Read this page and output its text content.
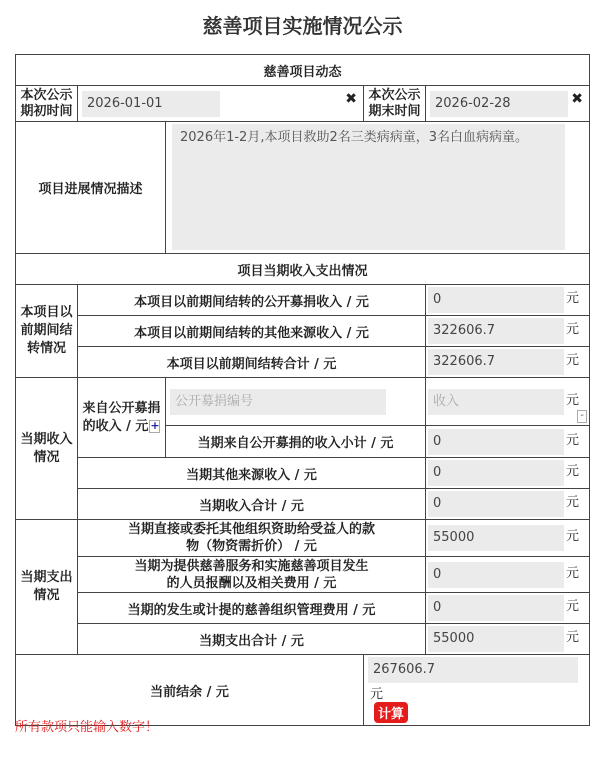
慈善项目实施情况公示
慈善项目动态				
本次公示期初时间	2026-01-01 ✖		本次公示期末时间	2026-02-28 ✖

项目进展情况描述		2026年1-2月,本项目救助2名三类病病童，3名白血病病童。		

项目当期收入支出情况				
本项目以前期间结转情况	本项目以前期间结转的公开募捐收入 / 元			0 元
	本项目以前期间结转的其他来源收入 / 元			322606.7 元
	本项目以前期间结转合计 / 元			322606.7 元
当期收入情况	来自公开募捐的收入 / 元 +	公开募捐编号		收入 元
-

		当期来自公开募捐的收入小计 / 元		0 元
	当期其他来源收入 / 元			0 元
	当期收入合计 / 元			0 元
当期支出情况	当期直接或委托其他组织资助给受益人的款物（物资需折价） / 元			55000 元
	当期为提供慈善服务和实施慈善项目发生的人员报酬以及相关费用 / 元			0 元
	当期的发生或计提的慈善组织管理费用 / 元			0 元
	当期支出合计 / 元			55000 元
当前结余 / 元			267606.7元
计算	
所有款项只能输入数字！
